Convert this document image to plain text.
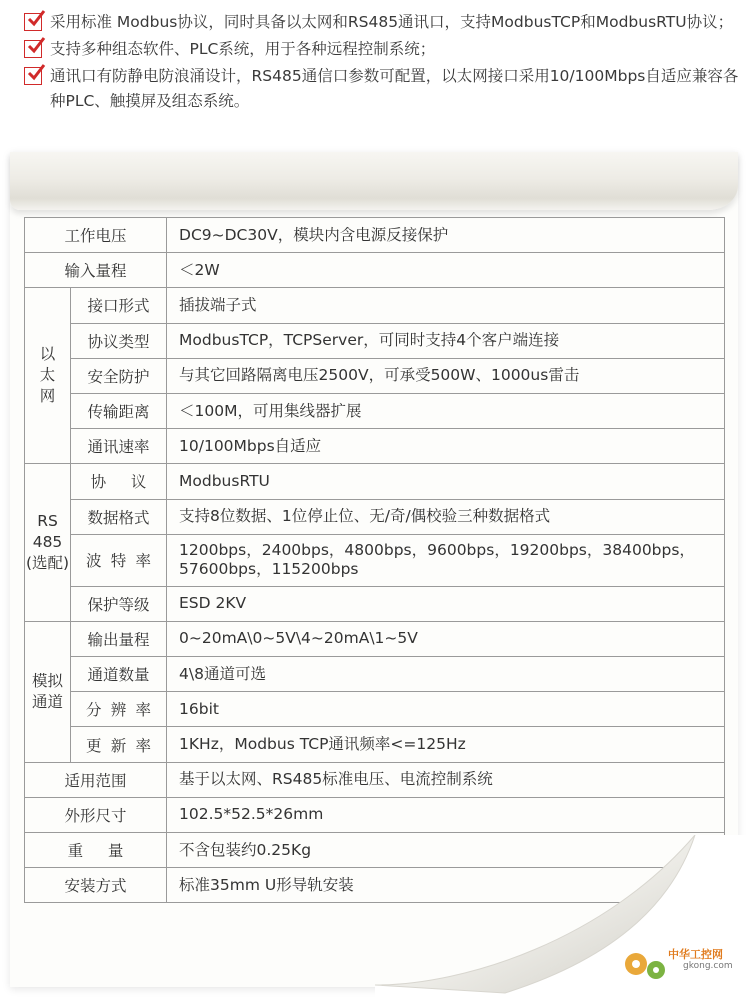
采用标准 Modbus协议，同时具备以太网和RS485通讯口，支持ModbusTCP和ModbusRTU协议；
支持多种组态软件、PLC系统，用于各种远程控制系统；
通讯口有防静电防浪涌设计，RS485通信口参数可配置，以太网接口采用10/100Mbps自适应兼容各种PLC、触摸屏及组态系统。
工作电压		DC9~DC30V，模块内含电源反接保护
输入量程		＜2W
以
太
网	接口形式	插拔端子式
	协议类型	ModbusTCP，TCPServer，可同时支持4个客户端连接
	安全防护	与其它回路隔离电压2500V，可承受500W、1000us雷击
	传输距离	＜100M，可用集线器扩展
	通讯速率	10/100Mbps自适应
RS
485
(选配)	协议	ModbusRTU
	数据格式	支持8位数据、1位停止位、无/奇/偶校验三种数据格式
	波特率	1200bps，2400bps，4800bps，9600bps，19200bps，38400bps，57600bps，115200bps
	保护等级	ESD 2KV
模拟
通道	输出量程	0~20mA\0~5V\4~20mA\1~5V
	通道数量	4\8通道可选
	分辨率	16bit
	更新率	1KHz，Modbus TCP通讯频率<=125Hz
适用范围		基于以太网、RS485标准电压、电流控制系统
外形尺寸		102.5*52.5*26mm
重量		不含包装约0.25Kg
安装方式		标准35mm U形导轨安装
中华工控网
gkong.com
